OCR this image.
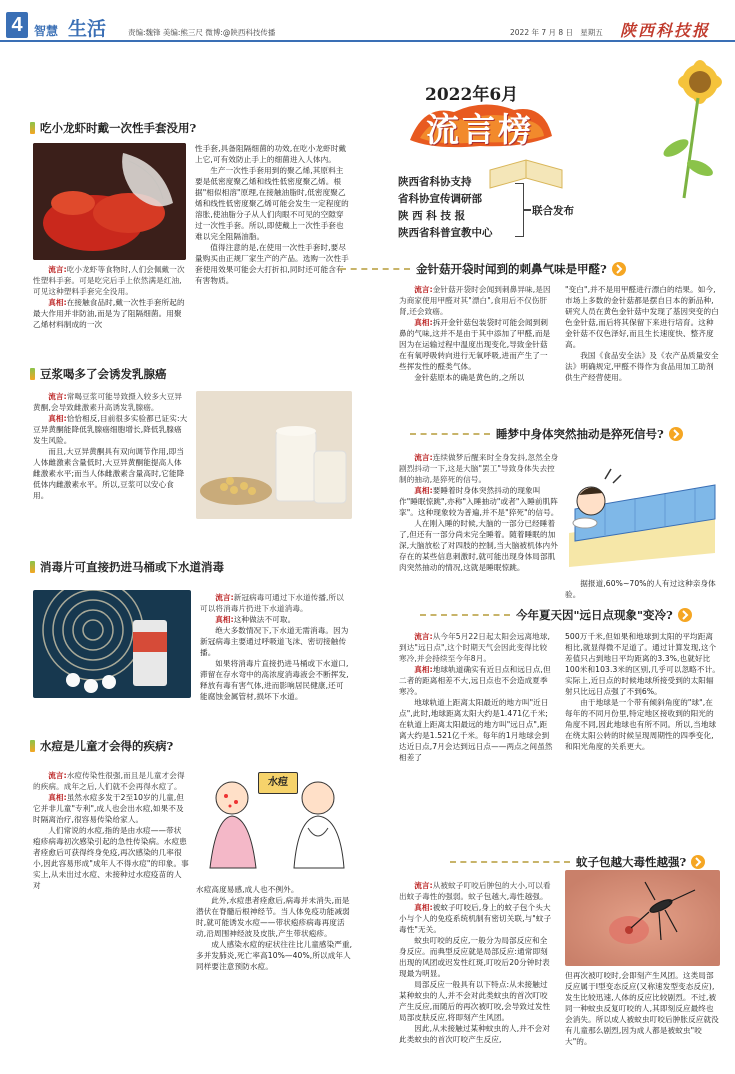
4 智慧 生活	责编:魏锋 美编:熊三尺 微博:@陕西科技传播	2022 年 7 月 8 日   星期五 陕西科技报
2022年6月
流言榜
陕西省科协支持
省科协宣传调研部
陕 西 科 技 报
陕西省科普宣教中心
联合发布
吃小龙虾时戴一次性手套没用?

流言:吃小龙虾等食物时,人们会佩戴一次性塑料手套。可是吃完后手上依然满是红油,可见这种塑料手套完全没用。

真相:在接触食品时,戴一次性手套所起的最大作用并非防油,而是为了阻隔细菌。用聚乙烯材料制成的一次

性手套,具备阻隔细菌的功效,在吃小龙虾时戴上它,可有效防止手上的细菌进入人体内。

生产一次性手套用到的聚乙烯,其原料主要是低密度聚乙烯和线性低密度聚乙烯。根据"相似相溶"原理,在接触油脂时,低密度聚乙烯和线性低密度聚乙烯可能会发生一定程度的溶胀,使油脂分子从人们肉眼不可见的空隙穿过一次性手套。所以,即使戴上一次性手套也难以完全阻隔油脂。

值得注意的是,在使用一次性手套时,要尽量购买由正规厂家生产的产品。选购一次性手套使用效果可能会大打折扣,同时还可能含有有害物质。

豆浆喝多了会诱发乳腺癌

流言:常喝豆浆可能导致摄入较多大豆异黄酮,会导致雌激素升高诱发乳腺癌。

真相:恰恰相反,目前很多实验都已证实:大豆异黄酮能降低乳腺癌细胞增长,降低乳腺癌发生风险。

而且,大豆异黄酮具有双向调节作用,即当人体雌激素含量低时,大豆异黄酮能提高人体雌激素水平;而当人体雌激素含量高时,它能降低体内雌激素水平。所以,豆浆可以安心食用。

消毒片可直接扔进马桶或下水道消毒

流言:新冠病毒可通过下水道传播,所以可以将消毒片扔进下水道消毒。

真相:这种做法不可取。

绝大多数情况下,下水道无需消毒。因为新冠病毒主要通过呼吸道飞沫、密切接触传播。

如果将消毒片直接扔进马桶或下水道口,滞留在存水弯中的高浓度消毒液会不断挥发,释放有毒有害气体,进而影响居民健康,还可能腐蚀金属管材,损坏下水道。

水痘是儿童才会得的疾病?

流言:水痘传染性很强,而且是儿童才会得的疾病。成年之后,人们就不会再得水痘了。

真相:虽然水痘多发于2至10岁的儿童,但它并非儿童"专利",成人也会出水痘,如果不及时隔离治疗,很容易传染给家人。

人们常说的水痘,指的是由水痘——带状疱疹病毒初次感染引起的急性传染病。水痘患者痊愈后可获得终身免疫,再次感染的几率很小,因此容易形成"成年人不得水痘"的印象。事实上,从未出过水痘、未接种过水痘疫苗的人对

水痘

水痘高度易感,成人也不例外。

此外,水痘患者痊愈后,病毒并未消失,而是潜伏在脊髓后根神经节。当人体免疫功能减弱时,就可能诱发水痘——带状疱疹病毒再度活动,沿周围神经波及皮肤,产生带状疱疹。

成人感染水痘的症状往往比儿童感染严重,多并发肺炎,死亡率高10%—40%,所以成年人同样要注意预防水痘。

金针菇开袋时闻到的刺鼻气味是甲醛?

流言:金针菇开袋时会闻到刺鼻异味,是因为商家使用甲醛对其"漂白",食用后不仅伤肝肾,还会致癌。

真相:拆开金针菇包装袋时可能会闻到刺鼻的气味,这并不是由于其中添加了甲醛,而是因为在运输过程中温度出现变化,导致金针菇在有氧呼吸转向进行无氧呼吸,进而产生了一些挥发性的醛类气体。

金针菇原本的确是黄色的,之所以

"变白",并不是用甲醛进行漂白的结果。如今,市场上多数的金针菇都是摆自日本的新品种,研究人员在黄色金针菇中发现了基因突变的白色金针菇,而后将其保留下来进行培育。这种金针菇不仅色泽好,而且生长速度快、整齐度高。

我国《食品安全法》及《农产品质量安全法》明确规定,甲醛不得作为食品用加工助剂供生产经营使用。

睡梦中身体突然抽动是猝死信号?

流言:连续做梦后醒来时全身发抖,忽然全身剧烈抖动一下,这是大脑"罢工"导致身体失去控制的抽动,是猝死的信号。

真相:要睡着时身体突然抖动的现象叫作"睡眠惊跳",亦称"入睡抽动"或者"入睡前肌阵挛"。这种现象较为普遍,并不是"猝死"的信号。

人在刚入睡的时候,大脑的一部分已经睡着了,但还有一部分尚未完全睡着。随着睡眠的加深,大脑放松了对四肢的控制,当大脑被机体内外存在的某些信息刺激时,就可能出现身体局部肌肉突然抽动的情况,这就是睡眠惊跳。

据报道,60%~70%的人有过这种亲身体验。

今年夏天因"远日点现象"变冷?

流言:从今年5月22日起太阳会远离地球,到达"远日点",这个时期天气会因此变得比较寒冷,并会持续至今年8月。

真相:地球轨道确实有近日点和远日点,但二者的距离相差不大,远日点也不会造成夏季寒冷。

地球轨道上距离太阳最近的地方叫"近日点",此时,地球距离太阳大约是1.471亿千米;在轨道上距离太阳最远的地方叫"远日点",距离大约是1.521亿千米。每年的1月地球会到达近日点,7月会达到远日点——两点之间虽然相差了

500万千米,但如果和地球到太阳的平均距离相比,就显得微不足道了。通过计算发现,这个差值只占到地日平均距离的3.3%,也就好比100米和103.3米的区别,几乎可以忽略不计。实际上,近日点的时候地球所接受到的太阳辐射只比远日点强了不到6%。

由于地球是一个带有倾斜角度的"球",在每年的不同月份里,特定地区接收到的阳光的角度不同,因此地球也有所不同。所以,当地球在绕太阳公转的时候呈现周期性的四季变化,和阳光角度的关系更大。

蚊子包越大毒性越强?

流言:从被蚊子叮咬后肿包的大小,可以看出蚊子毒性的强弱。蚊子包越大,毒性越强。

真相:被蚊子叮咬后,身上的蚊子包个头大小与个人的免疫系统机制有密切关联,与"蚊子毒性"无关。

蚊虫叮咬的反应,一般分为局部反应和全身反应。而典型反应就是局部反应:通常即刻出现的风团或迟发性红斑,叮咬后20分钟时表现最为明显。

局部反应一般具有以下特点:从未接触过某种蚊虫的人,并不会对此类蚊虫的首次叮咬产生反应,而随后的再次被叮咬,会导致过发性局部皮肤反应,将即刻产生风团。

因此,从未接触过某种蚊虫的人,并不会对此类蚊虫的首次叮咬产生反应,

但再次被叮咬时,会即刻产生风团。这类局部反应属于Ⅰ型变态反应(又称速发型变态反应),发生比较迅速,人体的反应比较剧烈。不过,被同一种蚊虫反复叮咬的人,其即刻反应最终也会消失。所以成人被蚊虫叮咬后肿胀反应就没有儿童那么剧烈,因为成人都是被蚊虫"咬大"的。
